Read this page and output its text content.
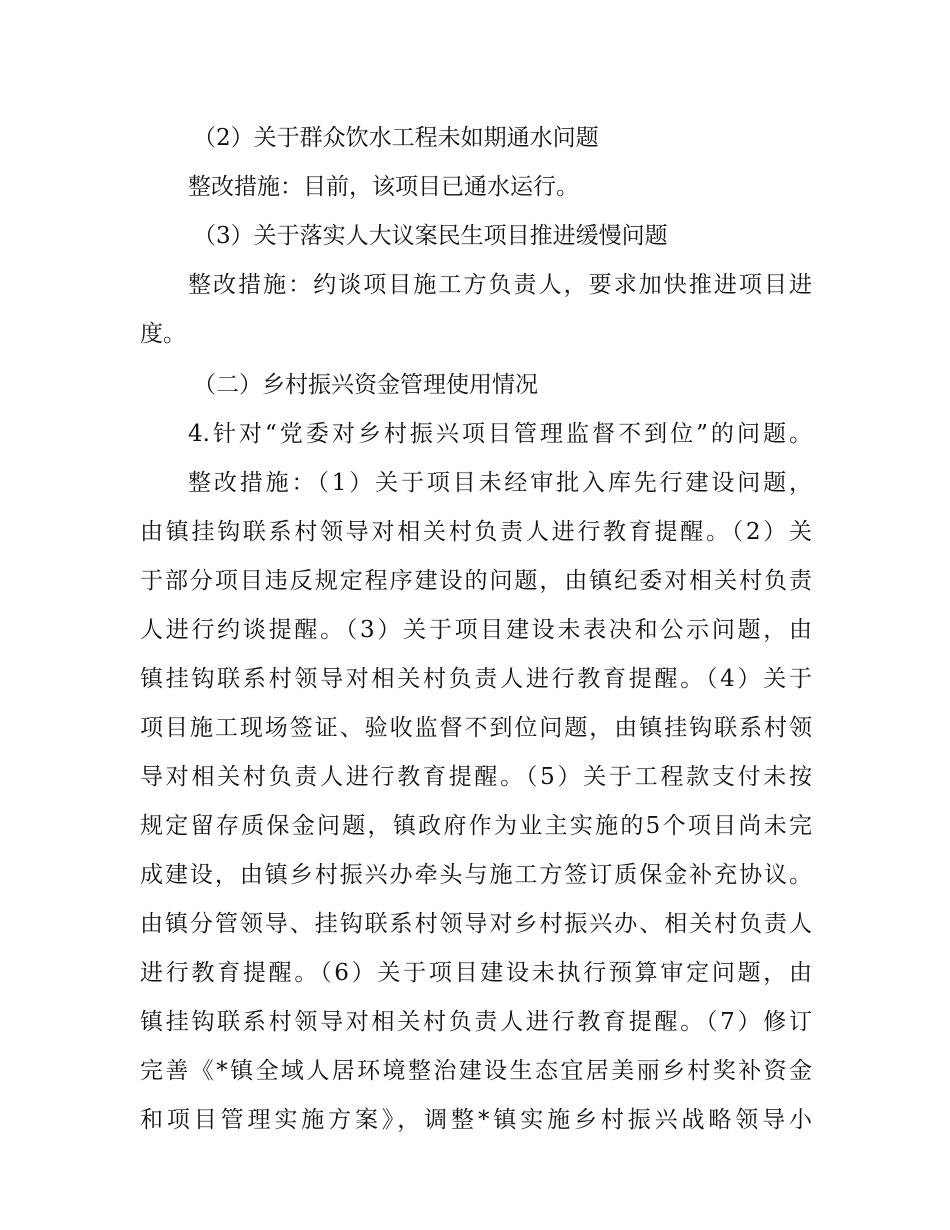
（2）关于群众饮水工程未如期通水问题
整改措施：目前，该项目已通水运行。
（3）关于落实人大议案民生项目推进缓慢问题
整改措施：约谈项目施工方负责人，要求加快推进项目进
度。
（二）乡村振兴资金管理使用情况
4.针对“党委对乡村振兴项目管理监督不到位”的问题。
整改措施：（1）关于项目未经审批入库先行建设问题，
由镇挂钩联系村领导对相关村负责人进行教育提醒。（2）关
于部分项目违反规定程序建设的问题，由镇纪委对相关村负责
人进行约谈提醒。（3）关于项目建设未表决和公示问题，由
镇挂钩联系村领导对相关村负责人进行教育提醒。（4）关于
项目施工现场签证、验收监督不到位问题，由镇挂钩联系村领
导对相关村负责人进行教育提醒。（5）关于工程款支付未按
规定留存质保金问题，镇政府作为业主实施的5个项目尚未完
成建设，由镇乡村振兴办牵头与施工方签订质保金补充协议。
由镇分管领导、挂钩联系村领导对乡村振兴办、相关村负责人
进行教育提醒。（6）关于项目建设未执行预算审定问题，由
镇挂钩联系村领导对相关村负责人进行教育提醒。（7）修订
完善《*镇全域人居环境整治建设生态宜居美丽乡村奖补资金
和项目管理实施方案》，调整*镇实施乡村振兴战略领导小
